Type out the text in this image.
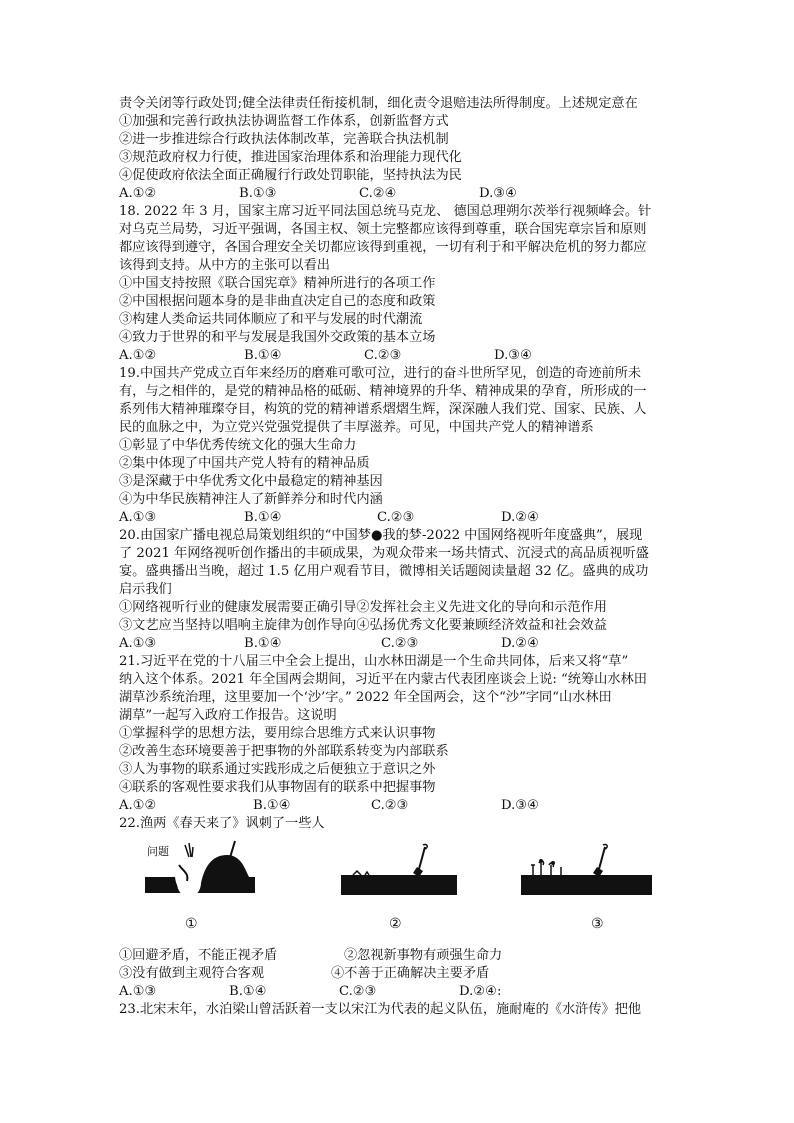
责令关闭等行政处罚;健全法律责任衔接机制，细化责令退赔违法所得制度。上述规定意在
①加强和完善行政执法协调监督工作体系，创新监督方式
②进一步推进综合行政执法体制改革，完善联合执法机制
③规范政府权力行使，推进国家治理体系和治理能力现代化
④促使政府依法全面正确履行行政处罚职能，坚持执法为民
A.①②	B.①③	C.②④	D.③④
18. 2022 年 3 月，国家主席习近平同法国总统马克龙、 德国总理朔尔茨举行视频峰会。针
对乌克兰局势，习近平强调，各国主权、领土完整都应该得到尊重，联合国宪章宗旨和原则
都应该得到遵守，各国合理安全关切都应该得到重视，一切有利于和平解决危机的努力都应
该得到支持。从中方的主张可以看出
①中国支持按照《联合国宪章》精神所进行的各项工作
②中国根据问题本身的是非曲直决定自己的态度和政策
③构建人类命运共同体顺应了和平与发展的时代潮流
④致力于世界的和平与发展是我国外交政策的基本立场
A.①②	B.①④	C.②③	D.③④
19.中国共产党成立百年来经历的磨难可歌可泣，进行的奋斗世所罕见，创造的奇迹前所未
有，与之相伴的，是党的精神品格的砥砺、精神境界的升华、精神成果的孕育，所形成的一
系列伟大精神璀璨夺目，构筑的党的精神谱系熠熠生辉，深深融人我们党、国家、民族、人
民的血脉之中，为立党兴党强党提供了丰厚滋养。可见，中国共产党人的精神谱系
①彰显了中华优秀传统文化的强大生命力
②集中体现了中国共产党人特有的精神品质
③是深藏于中华优秀文化中最稳定的精神基因
④为中华民族精神注人了新鲜养分和时代内涵
A.①③	B.①④	C.②③	D.②④
20.由国家广播电视总局策划组织的“中国梦●我的梦-2022 中国网络视听年度盛典”，展现
了 2021 年网络视听创作播出的丰硕成果，为观众带来一场共情式、沉浸式的高品质视听盛
宴。盛典播出当晚，超过 1.5 亿用户观看节目，微博相关话题阅读量超 32 亿。盛典的成功
启示我们
①网络视听行业的健康发展需要正确引导②发挥社会主义先进文化的导向和示范作用
③文艺应当坚持以唱响主旋律为创作导向④弘扬优秀文化要兼顾经济效益和社会效益
A.①③	B.①④	C.②③	D.②④
21.习近平在党的十八届三中全会上提出，山水林田湖是一个生命共同体，后来又将“草”
纳入这个体系。2021 年全国两会期间，习近平在内蒙古代表团座谈会上说: “统筹山水林田
湖草沙系统治理，这里要加一个‘沙’字。” 2022 年全国两会，这个“沙”字同“山水林田
湖草”一起写入政府工作报告。这说明
①掌握科学的思想方法，要用综合思维方式来认识事物
②改善生态环境要善于把事物的外部联系转变为内部联系
③人为事物的联系通过实践形成之后便独立于意识之外
④联系的客观性要求我们从事物固有的联系中把握事物
A.①②	B.①④	C.②③	D.③④
22.渔两《春天来了》讽刺了一些人
问题
①	②	③
①回避矛盾，不能正视矛盾	②忽视新事物有顽强生命力
③没有做到主观符合客观	④不善于正确解决主要矛盾
A.①③	B.①④	C.②③	D.②④:
23.北宋末年，水泊梁山曾活跃着一支以宋江为代表的起义队伍，施耐庵的《水浒传》把他
